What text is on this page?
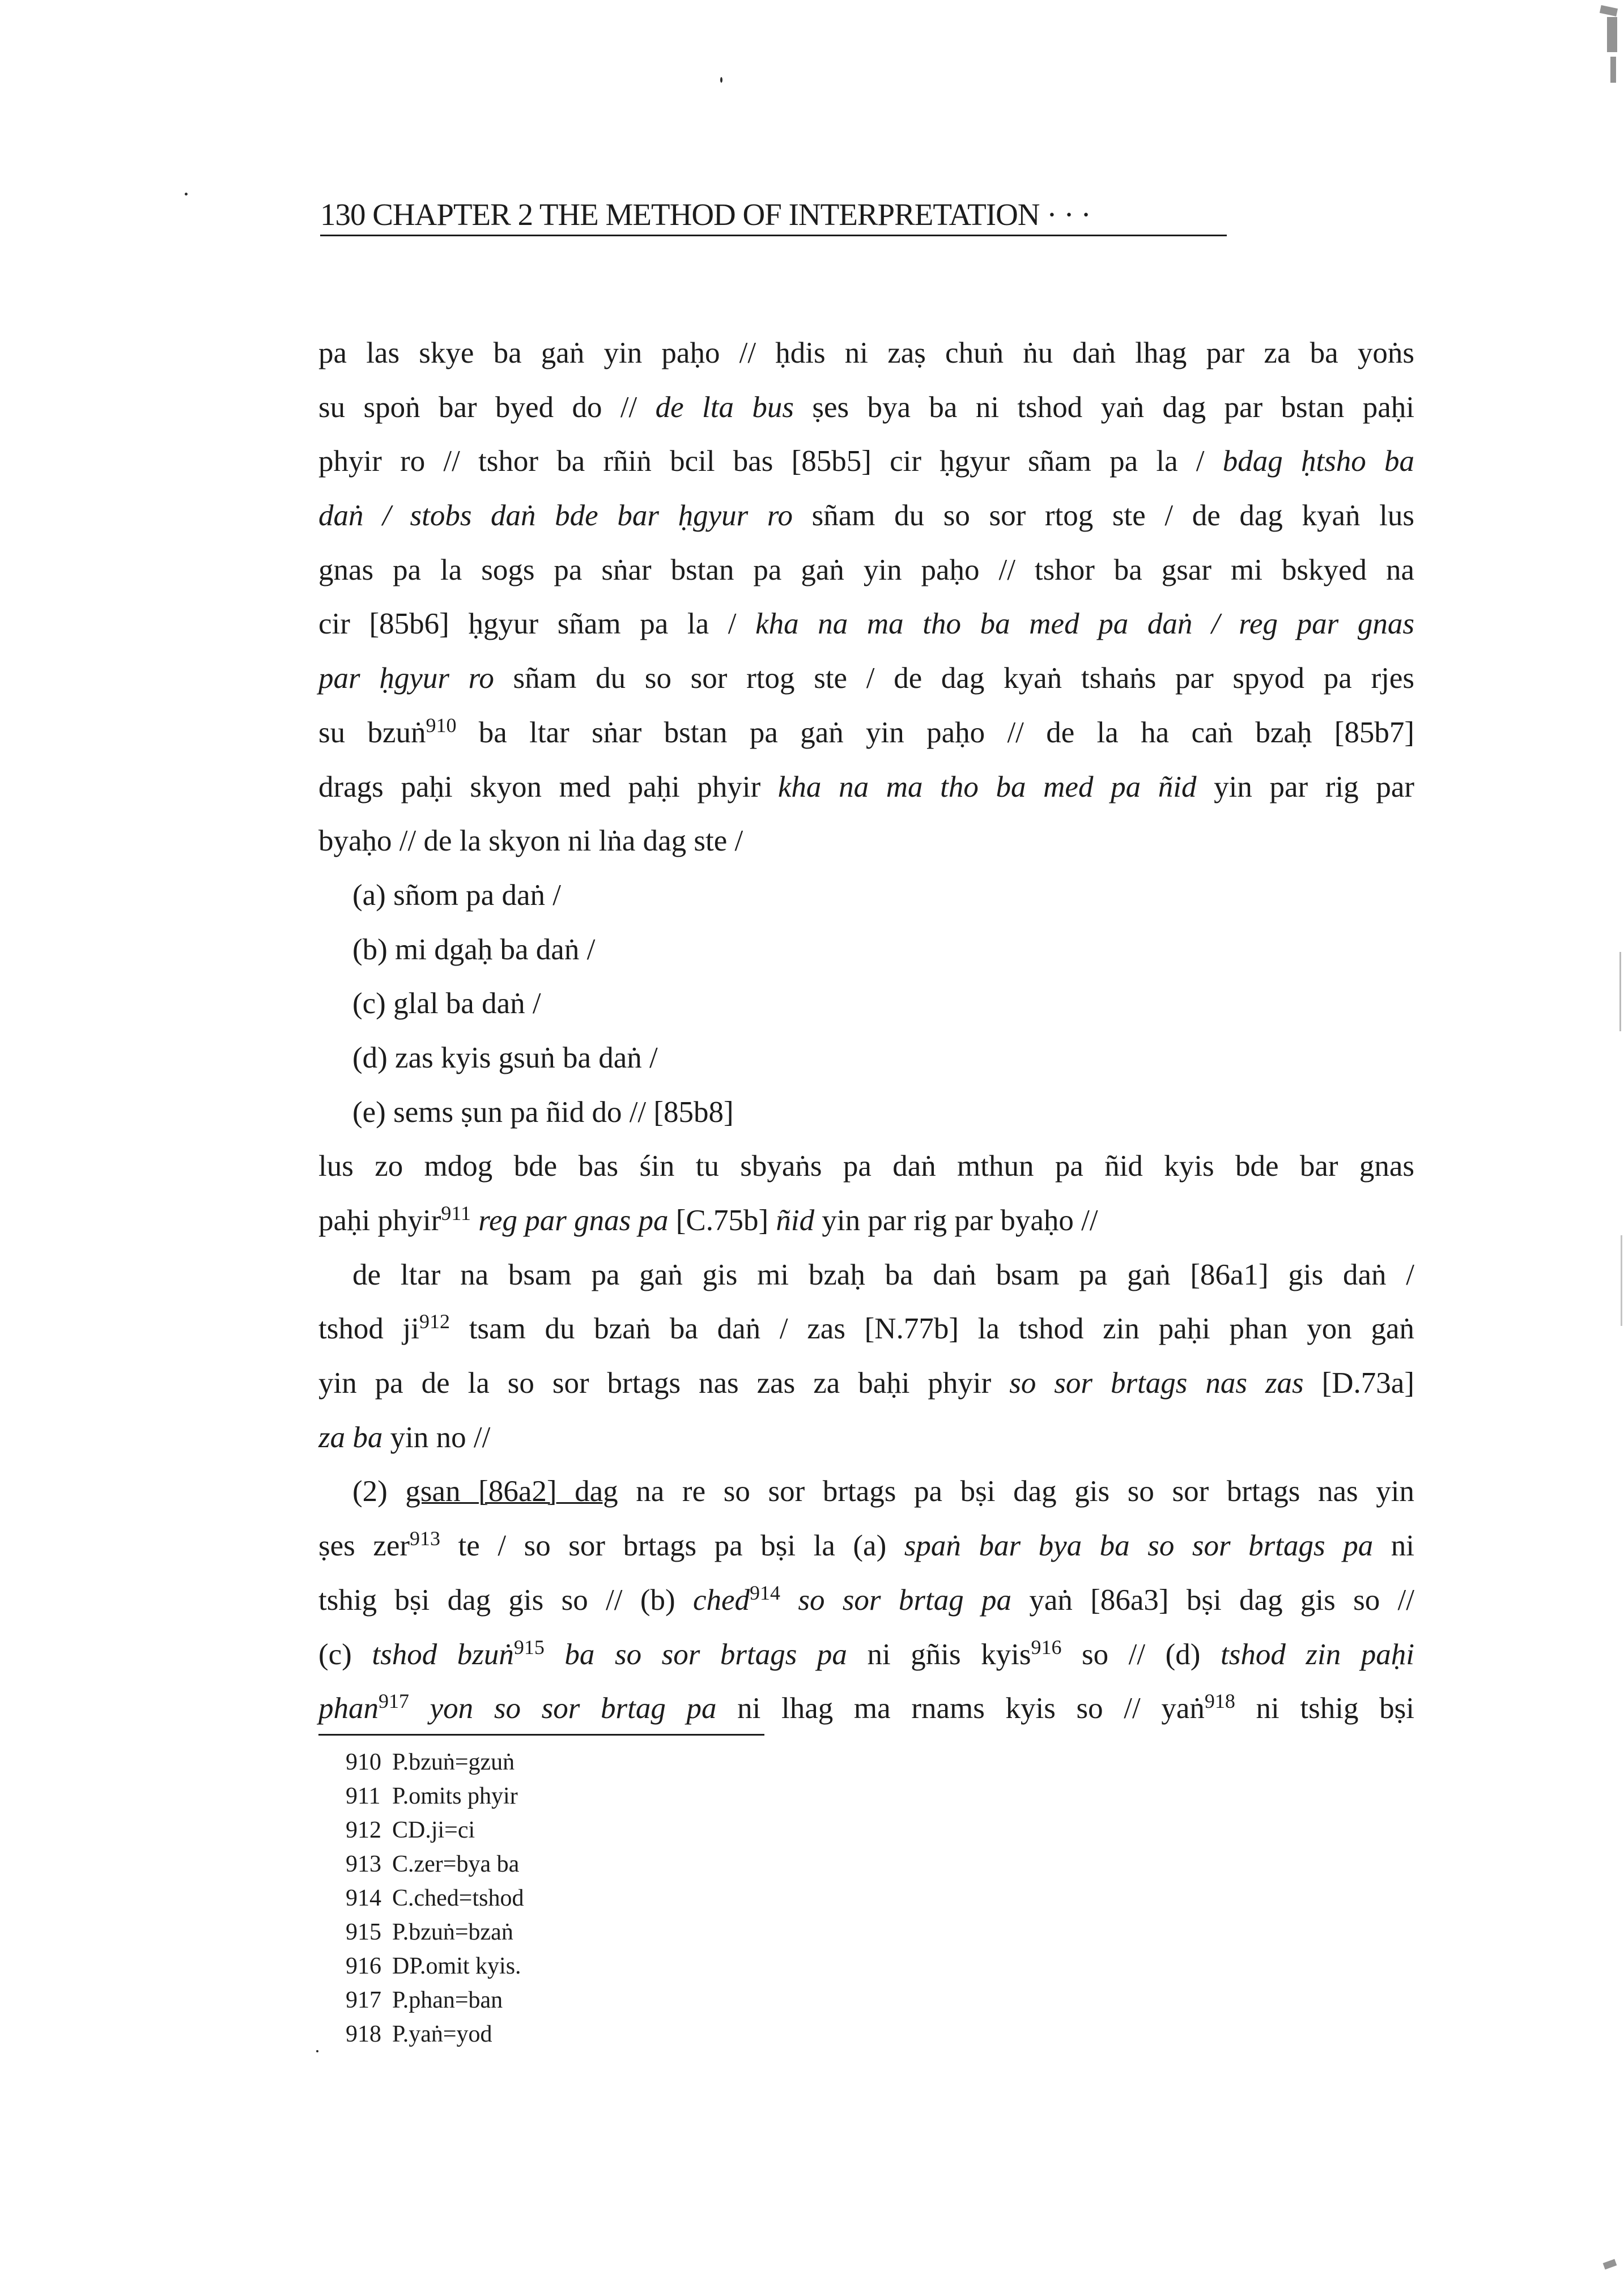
130 CHAPTER 2 THE METHOD OF INTERPRETATION · · ·
pa las skye ba gaṅ yin paḥo // ḥdis ni zaṣ chuṅ ṅu daṅ lhag par za ba yoṅs
su spoṅ bar byed do // de lta bus ṣes bya ba ni tshod yaṅ dag par bstan paḥi
phyir ro // tshor ba rñiṅ bcil bas [85b5] cir ḥgyur sñam pa la / bdag ḥtsho ba
daṅ / stobs daṅ bde bar ḥgyur ro sñam du so sor rtog ste / de dag kyaṅ lus
gnas pa la sogs pa sṅar bstan pa gaṅ yin paḥo // tshor ba gsar mi bskyed na
cir [85b6] ḥgyur sñam pa la / kha na ma tho ba med pa daṅ / reg par gnas
par ḥgyur ro sñam du so sor rtog ste / de dag kyaṅ tshaṅs par spyod pa rjes
su bzuṅ$^{910}$ ba ltar sṅar bstan pa gaṅ yin paḥo // de la ha caṅ bzaḥ [85b7]
drags paḥi skyon med paḥi phyir kha na ma tho ba med pa ñid yin par rig par
byaḥo // de la skyon ni lṅa dag ste /
(a) sñom pa daṅ /
(b) mi dgaḥ ba daṅ /
(c) glal ba daṅ /
(d) zas kyis gsuṅ ba daṅ /
(e) sems ṣun pa ñid do // [85b8]
lus zo mdog bde bas śin tu sbyaṅs pa daṅ mthun pa ñid kyis bde bar gnas
paḥi phyir$^{911}$ reg par gnas pa [C.75b] ñid yin par rig par byaḥo //
de ltar na bsam pa gaṅ gis mi bzaḥ ba daṅ bsam pa gaṅ [86a1] gis daṅ /
tshod $ji^{912}$ tsam du bzaṅ ba daṅ / zas [N.77b] la tshod zin paḥi phan yon gaṅ
yin pa de la so sor brtags nas zas za baḥi phyir so sor brtags nas zas [D.73a]
za ba yin no //
(2) gsan [86a2] dag na re so sor brtags pa bṣi dag gis so sor brtags nas yin
ṣes zer$^{913}$ te / so sor brtags pa bṣi la (a) spaṅ bar bya ba so sor brtags pa ni
tshig bṣi dag gis so // (b) ched$^{914}$ so sor brtag pa yaṅ [86a3] bṣi dag gis so //
(c) tshod bzuṅ$^{915}$ ba so sor brtags pa ni gñis kyis$^{916}$ so // (d) tshod zin paḥi
phan$^{917}$ yon so sor brtag pa ni lhag ma rnams kyis so // yaṅ$^{918}$ ni tshig bṣi
910 P.bzuṅ=gzuṅ
911 P.omits phyir
912 CD.ji=ci
913 C.zer=bya ba
914 C.ched=tshod
915 P.bzuṅ=bzaṅ
916 DP.omit kyis.
917 P.phan=ban
918 P.yaṅ=yod
